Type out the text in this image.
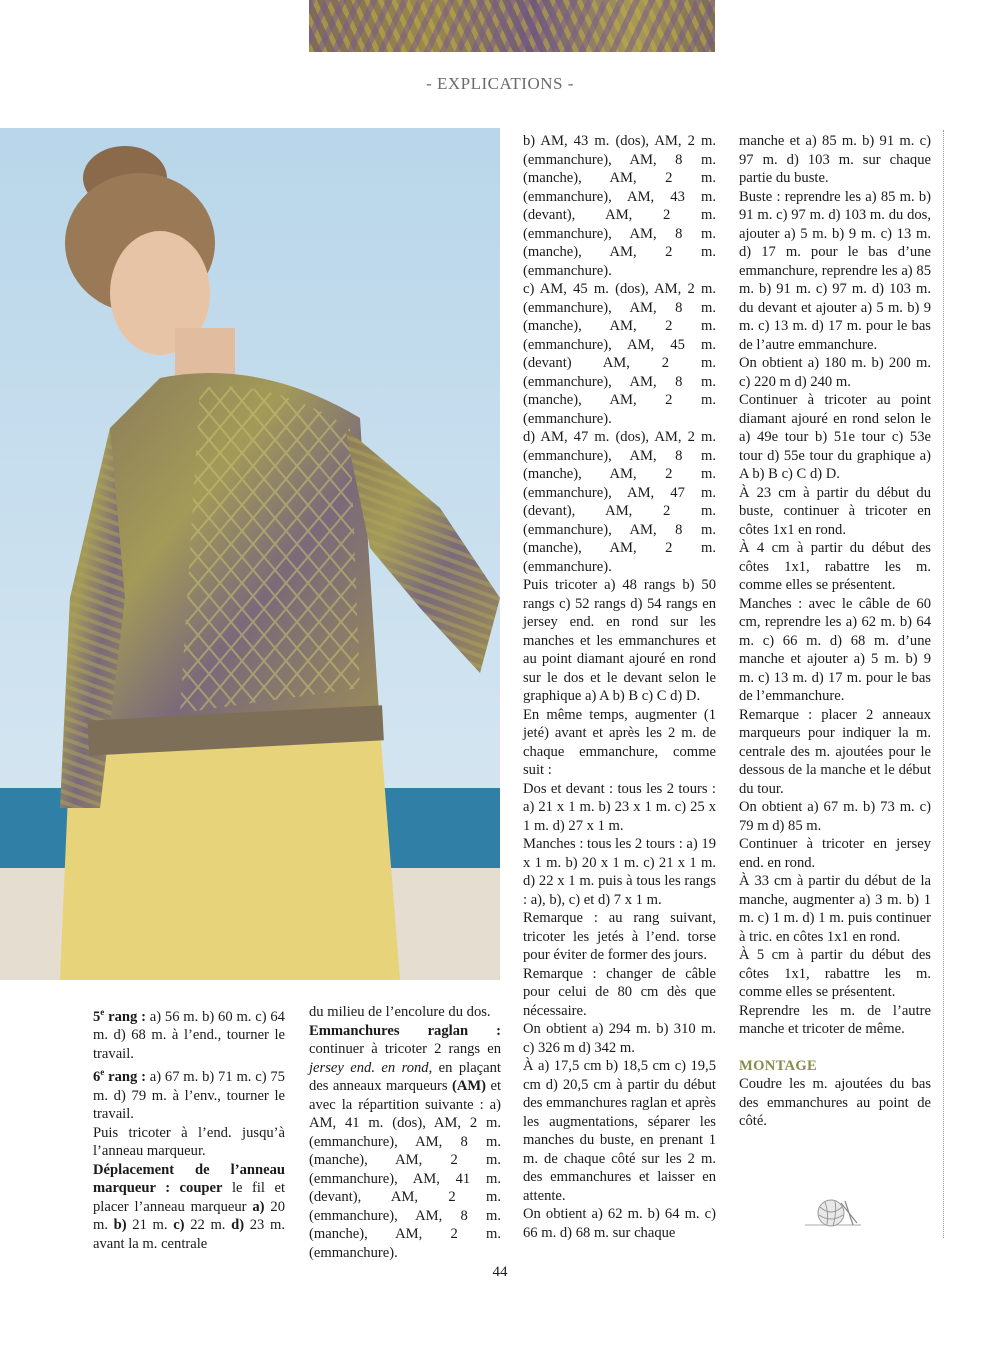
- EXPLICATIONS -

5e rang : a) 56 m. b) 60 m. c) 64 m. d) 68 m. à l’end., tourner le travail.

6e rang : a) 67 m. b) 71 m. c) 75 m. d) 79 m. à l’env., tourner le travail.

Puis tricoter à l’end. jusqu’à l’anneau marqueur.

Déplacement de l’anneau marqueur : couper le fil et placer l’anneau marqueur a) 20 m. b) 21 m. c) 22 m. d) 23 m. avant la m. centrale

du milieu de l’encolure du dos.

Emmanchures raglan : continuer à tricoter 2 rangs en jersey end. en rond, en plaçant des anneaux marqueurs (AM) et avec la répartition suivante : a) AM, 41 m. (dos), AM, 2 m. (emmanchure), AM, 8 m. (manche), AM, 2 m. (emmanchure), AM, 41 m. (devant), AM, 2 m. (emmanchure), AM, 8 m. (manche), AM, 2 m. (emmanchure).

b) AM, 43 m. (dos), AM, 2 m. (emmanchure), AM, 8 m. (manche), AM, 2 m. (emmanchure), AM, 43 m. (devant), AM, 2 m. (emmanchure), AM, 8 m. (manche), AM, 2 m. (emmanchure).

c) AM, 45 m. (dos), AM, 2 m. (emmanchure), AM, 8 m. (manche), AM, 2 m. (emmanchure), AM, 45 m. (devant) AM, 2 m. (emmanchure), AM, 8 m. (manche), AM, 2 m. (emmanchure).

d) AM, 47 m. (dos), AM, 2 m. (emmanchure), AM, 8 m. (manche), AM, 2 m. (emmanchure), AM, 47 m. (devant), AM, 2 m. (emmanchure), AM, 8 m. (manche), AM, 2 m. (emmanchure).

Puis tricoter a) 48 rangs b) 50 rangs c) 52 rangs d) 54 rangs en jersey end. en rond sur les manches et les emmanchures et au point diamant ajouré en rond sur le dos et le devant selon le graphique a) A b) B c) C d) D.

En même temps, augmenter (1 jeté) avant et après les 2 m. de chaque emmanchure, comme suit :

Dos et devant : tous les 2 tours : a) 21 x 1 m. b) 23 x 1 m. c) 25 x 1 m. d) 27 x 1 m.

Manches : tous les 2 tours : a) 19 x 1 m. b) 20 x 1 m. c) 21 x 1 m. d) 22 x 1 m. puis à tous les rangs : a), b), c) et d) 7 x 1 m.

Remarque : au rang suivant, tricoter les jetés à l’end. torse pour éviter de former des jours.

Remarque : changer de câble pour celui de 80 cm dès que nécessaire.

On obtient a) 294 m. b) 310 m. c) 326 m d) 342 m.

À a) 17,5 cm b) 18,5 cm c) 19,5 cm d) 20,5 cm à partir du début des emmanchures raglan et après les augmentations, séparer les manches du buste, en prenant 1 m. de chaque côté sur les 2 m. des emmanchures et laisser en attente.

On obtient a) 62 m. b) 64 m. c) 66 m. d) 68 m. sur chaque

manche et a) 85 m. b) 91 m. c) 97 m. d) 103 m. sur chaque partie du buste.

Buste : reprendre les a) 85 m. b) 91 m. c) 97 m. d) 103 m. du dos, ajouter a) 5 m. b) 9 m. c) 13 m. d) 17 m. pour le bas d’une emmanchure, reprendre les a) 85 m. b) 91 m. c) 97 m. d) 103 m. du devant et ajouter a) 5 m. b) 9 m. c) 13 m. d) 17 m. pour le bas de l’autre emmanchure.

On obtient a) 180 m. b) 200 m. c) 220 m d) 240 m.

Continuer à tricoter au point diamant ajouré en rond selon le a) 49e tour b) 51e tour c) 53e tour d) 55e tour du graphique a) A b) B c) C d) D.

À 23 cm à partir du début du buste, continuer à tricoter en côtes 1x1 en rond.

À 4 cm à partir du début des côtes 1x1, rabattre les m. comme elles se présentent.

Manches : avec le câble de 60 cm, reprendre les a) 62 m. b) 64 m. c) 66 m. d) 68 m. d’une manche et ajouter a) 5 m. b) 9 m. c) 13 m. d) 17 m. pour le bas de l’emmanchure.

Remarque : placer 2 anneaux marqueurs pour indiquer la m. centrale des m. ajoutées pour le dessous de la manche et le début du tour.

On obtient a) 67 m. b) 73 m. c) 79 m d) 85 m.

Continuer à tricoter en jersey end. en rond.

À 33 cm à partir du début de la manche, augmenter a) 3 m. b) 1 m. c) 1 m. d) 1 m. puis continuer à tric. en côtes 1x1 en rond.

À 5 cm à partir du début des côtes 1x1, rabattre les m. comme elles se présentent.

Reprendre les m. de l’autre manche et tricoter de même.

MONTAGE

Coudre les m. ajoutées du bas des emmanchures au point de côté.

44
